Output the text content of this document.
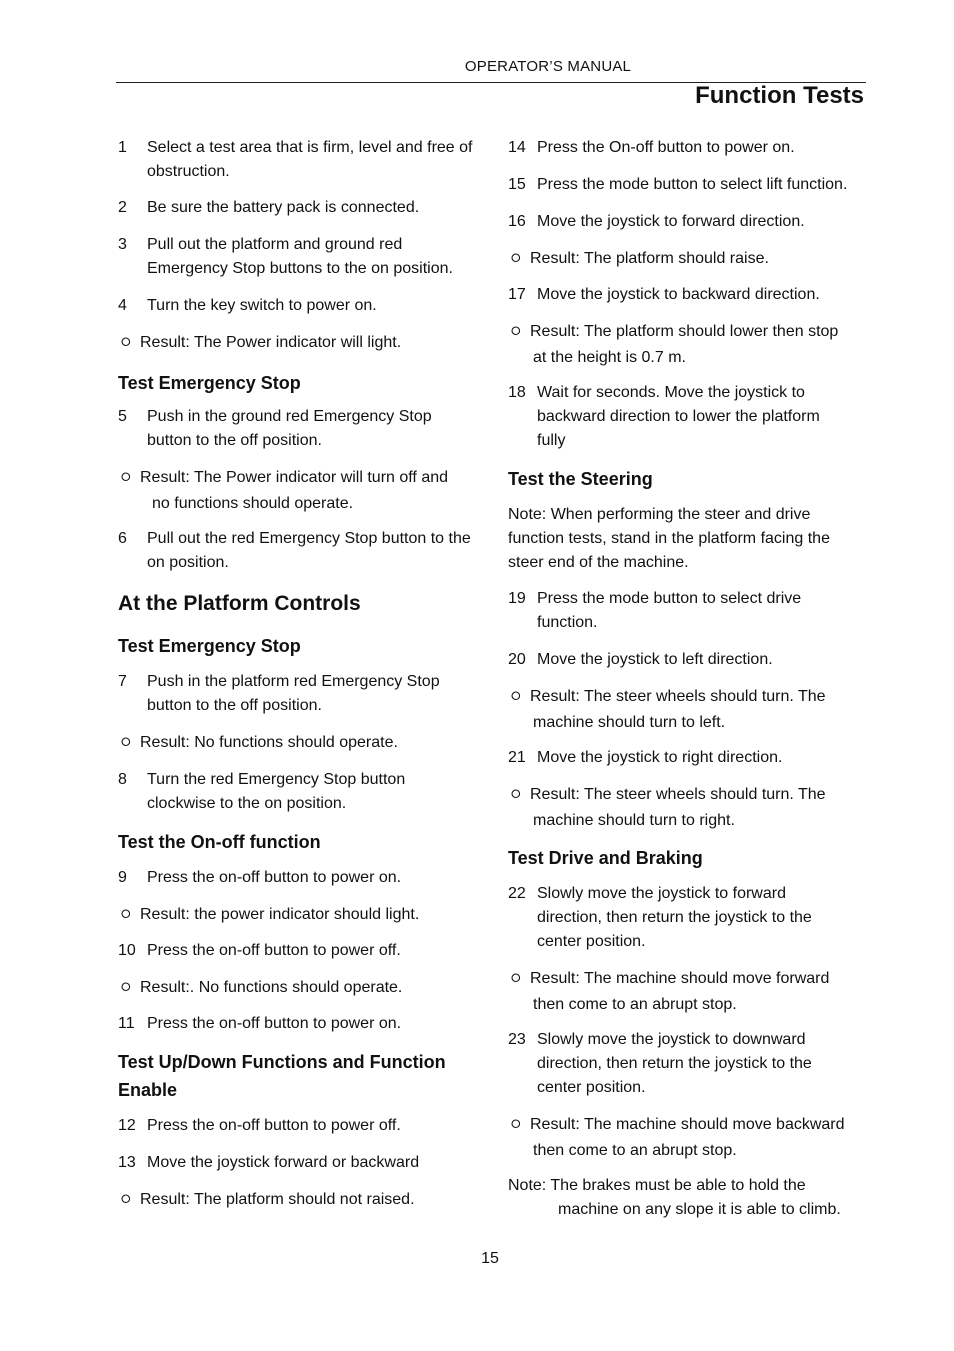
OPERATOR’S MANUAL
Function Tests
1	Select a test area that is firm, level and free of obstruction.
2	Be sure the battery pack is connected.
3	Pull out the platform and ground red Emergency Stop buttons to the on position.
4	Turn the key switch to power on.
⭘ Result: The Power indicator will light.
Test Emergency Stop
5	Push in the ground red Emergency Stop button to the off position.
⭘ Result: The Power indicator will turn off and
no functions should operate.
6	Pull out the red Emergency Stop button to the on position.
At the Platform Controls
Test Emergency Stop
7	Push in the platform red Emergency Stop button to the off position.
⭘ Result: No functions should operate.
8	Turn the red Emergency Stop button clockwise to the on position.
Test the On-off function
9	Press the on-off button to power on.
⭘ Result: the power indicator should light.
10 Press the on-off button to power off.
⭘ Result:. No functions should operate.
11 Press the on-off button to power on.
Test Up/Down Functions and Function Enable
12 Press the on-off button to power off.
13 Move the joystick forward or backward
⭘ Result: The platform should not raised.
14 Press the On-off button to power on.
15 Press the mode button to select lift function.
16 Move the joystick to forward direction.
⭘ Result: The platform should raise.
17 Move the joystick to backward direction.
⭘ Result: The platform should lower then stop
at the height is 0.7 m.
18 Wait for seconds. Move the joystick to backward direction to lower the platform fully
Test the Steering
Note: When performing the steer and drive function tests, stand in the platform facing the steer end of the machine.
19 Press the mode button to select drive function.
20 Move the joystick to left direction.
⭘ Result: The steer wheels should turn. The
machine should turn to left.
21 Move the joystick to right direction.
⭘ Result: The steer wheels should turn. The
machine should turn to right.
Test Drive and Braking
22 Slowly move the joystick to forward direction, then return the joystick to the center position.
⭘ Result: The machine should move forward
then come to an abrupt stop.
23 Slowly move the joystick to downward direction, then return the joystick to the center position.
⭘ Result: The machine should move backward
then come to an abrupt stop.
Note: The brakes must be able to hold the
machine on any slope it is able to climb.
15
